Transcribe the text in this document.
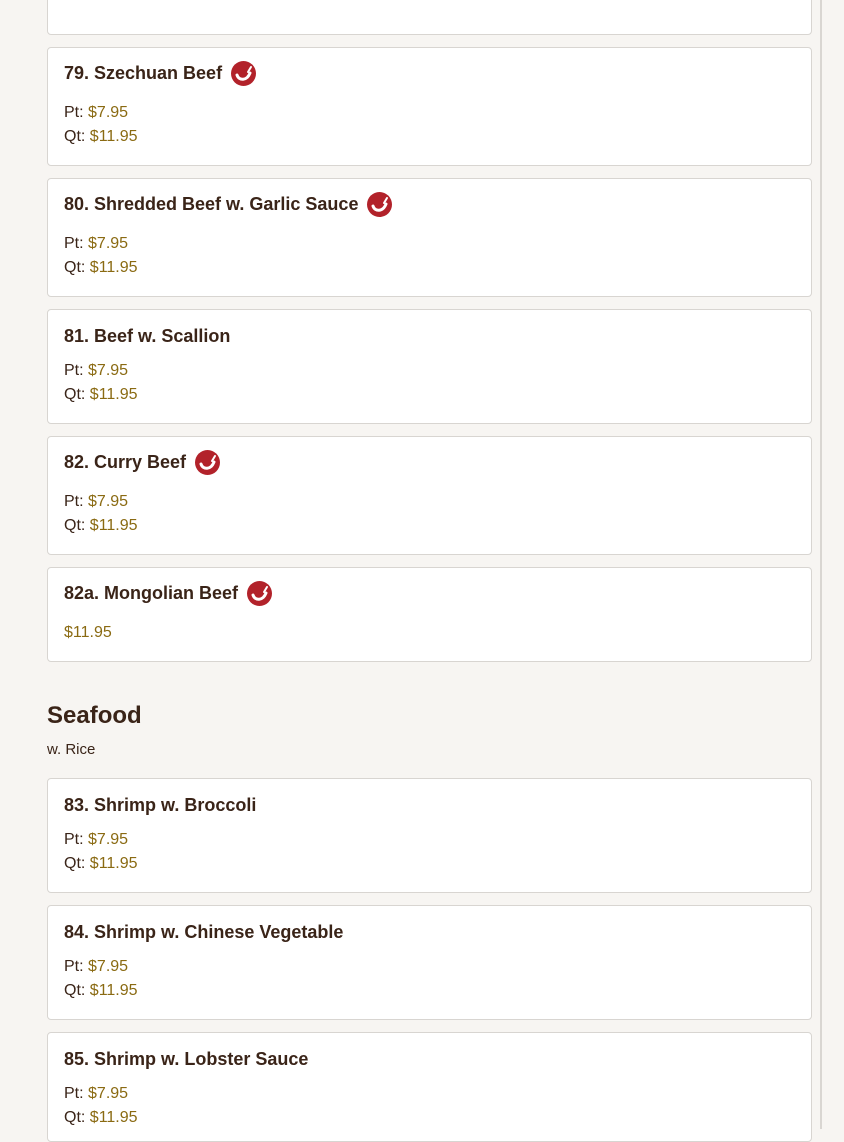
79. Szechuan Beef
Pt: $7.95
Qt: $11.95
80. Shredded Beef w. Garlic Sauce
Pt: $7.95
Qt: $11.95
81. Beef w. Scallion
Pt: $7.95
Qt: $11.95
82. Curry Beef
Pt: $7.95
Qt: $11.95
82a. Mongolian Beef
$11.95
Seafood
w. Rice
83. Shrimp w. Broccoli
Pt: $7.95
Qt: $11.95
84. Shrimp w. Chinese Vegetable
Pt: $7.95
Qt: $11.95
85. Shrimp w. Lobster Sauce
Pt: $7.95
Qt: $11.95
